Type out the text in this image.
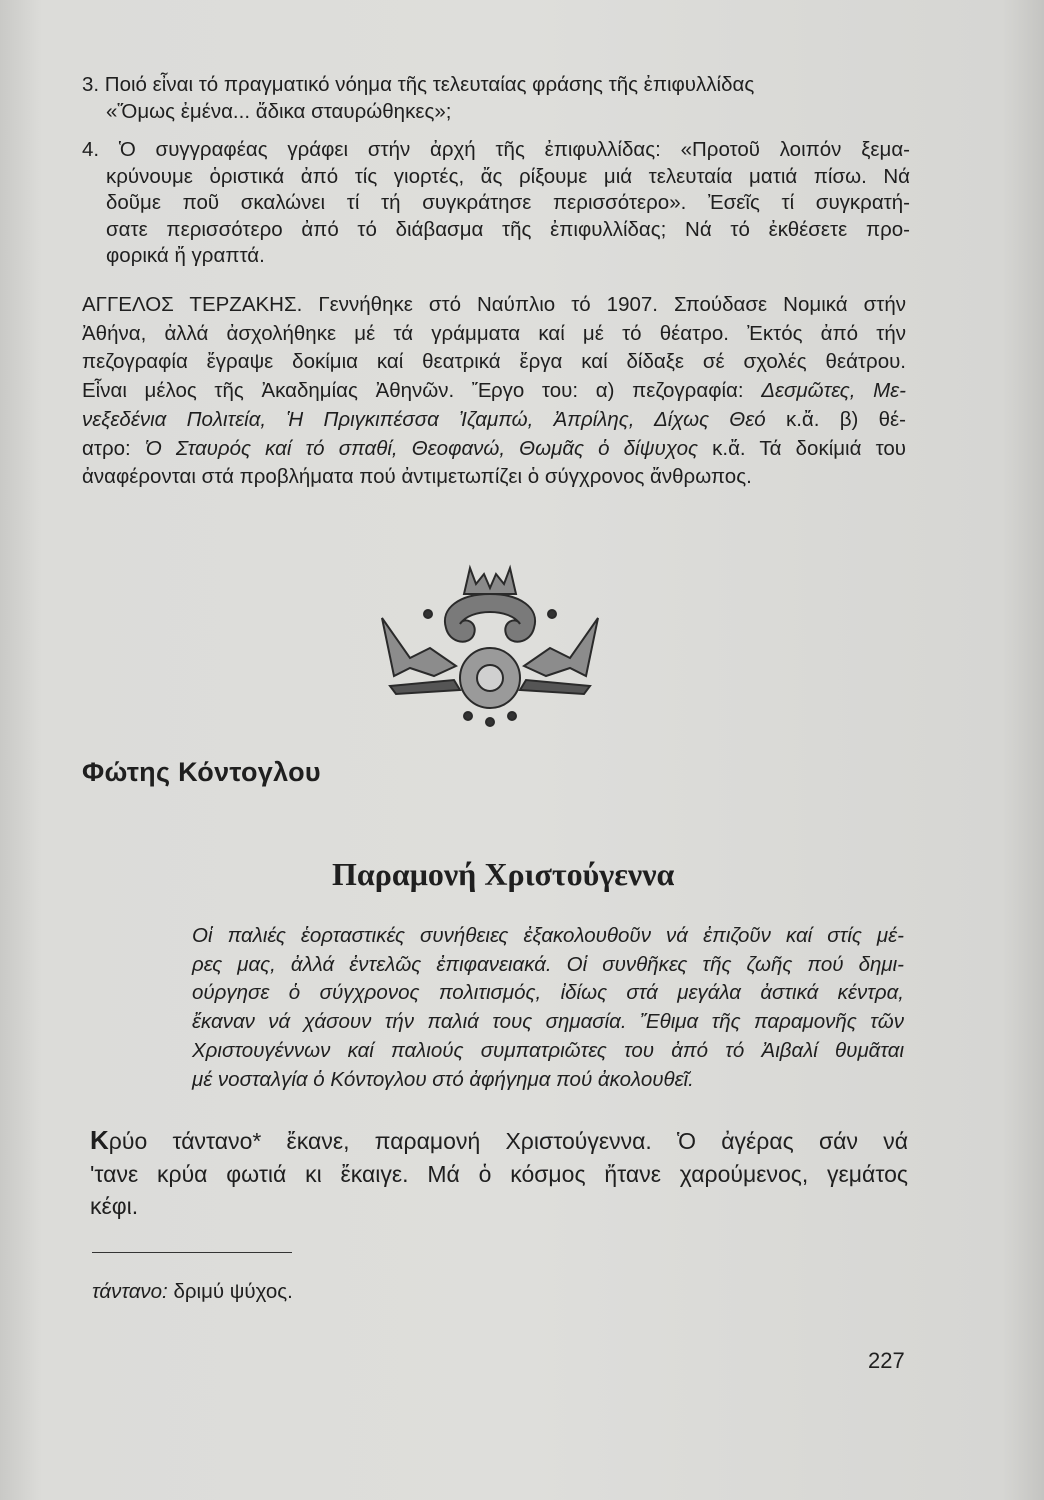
3. Ποιό εἶναι τό πραγματικό νόημα τῆς τελευταίας φράσης τῆς ἐπιφυλλίδας
«Ὅμως ἐμένα... ἄδικα σταυρώθηκες»;
4. Ὁ συγγραφέας γράφει στήν ἀρχή τῆς ἐπιφυλλίδας: «Προτοῦ λοιπόν ξεμα-
κρύνουμε ὁριστικά ἀπό τίς γιορτές, ἄς ρίξουμε μιά τελευταία ματιά πίσω. Νά
δοῦμε ποῦ σκαλώνει τί τή συγκράτησε περισσότερο». Ἐσεῖς τί συγκρατή-
σατε περισσότερο ἀπό τό διάβασμα τῆς ἐπιφυλλίδας; Νά τό ἐκθέσετε προ-
φορικά ἤ γραπτά.
ΑΓΓΕΛΟΣ ΤΕΡΖΑΚΗΣ. Γεννήθηκε στό Ναύπλιο τό 1907. Σπούδασε Νομικά στήν
Ἀθήνα, ἀλλά ἀσχολήθηκε μέ τά γράμματα καί μέ τό θέατρο. Ἐκτός ἀπό τήν
πεζογραφία ἔγραψε δοκίμια καί θεατρικά ἔργα καί δίδαξε σέ σχολές θεάτρου.
Εἶναι μέλος τῆς Ἀκαδημίας Ἀθηνῶν. Ἔργο του: α) πεζογραφία: Δεσμῶτες, Με-
νεξεδένια Πολιτεία, Ἡ Πριγκιπέσσα Ἰζαμπώ, Ἀπρίλης, Δίχως Θεό κ.ἄ. β) θέ-
ατρο: Ὁ Σταυρός καί τό σπαθί, Θεοφανώ, Θωμᾶς ὁ δίψυχος κ.ἄ. Τά δοκίμιά του
ἀναφέρονται στά προβλήματα πού ἀντιμετωπίζει ὁ σύγχρονος ἄνθρωπος.
Φώτης Κόντογλου
Παραμονή Χριστούγεννα
Οἱ παλιές ἑορταστικές συνήθειες ἐξακολουθοῦν νά ἐπιζοῦν καί στίς μέ-
ρες μας, ἀλλά ἐντελῶς ἐπιφανειακά. Οἱ συνθῆκες τῆς ζωῆς πού δημι-
ούργησε ὁ σύγχρονος πολιτισμός, ἰδίως στά μεγάλα ἀστικά κέντρα,
ἔκαναν νά χάσουν τήν παλιά τους σημασία. Ἔθιμα τῆς παραμονῆς τῶν
Χριστουγέννων καί παλιούς συμπατριῶτες του ἀπό τό Ἀιβαλί θυμᾶται
μέ νοσταλγία ὁ Κόντογλου στό ἀφήγημα πού ἀκολουθεῖ.
Κρύο τάντανο* ἔκανε, παραμονή Χριστούγεννα. Ὁ ἀγέρας σάν νά
'τανε κρύα φωτιά κι ἔκαιγε. Μά ὁ κόσμος ἤτανε χαρούμενος, γεμάτος
κέφι.
τάντανο: δριμύ ψύχος.
227
